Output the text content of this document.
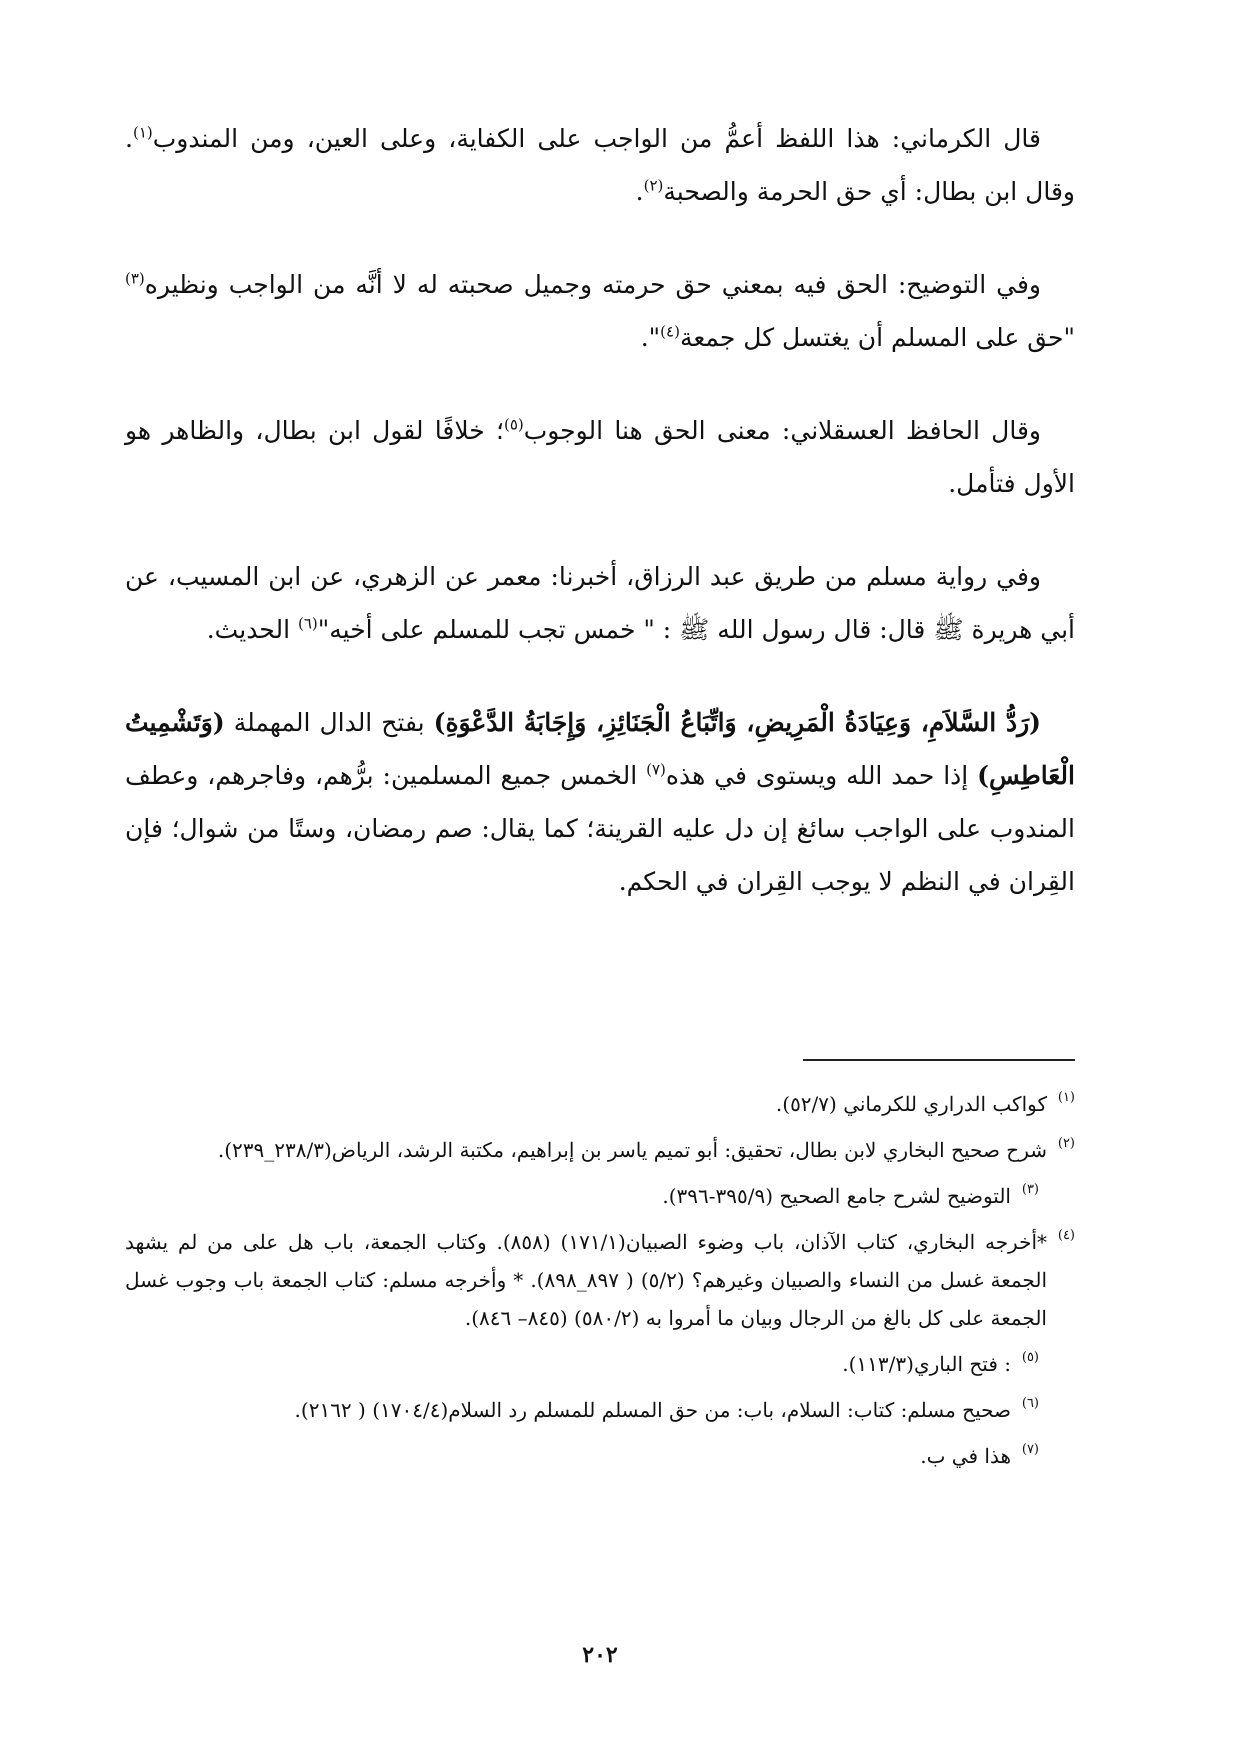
قال الكرماني: هذا اللفظ أعمُّ من الواجب على الكفاية، وعلى العين، ومن المندوب$^{(١)}$. وقال ابن بطال: أي حق الحرمة والصحبة$^{(٢)}$.

وفي التوضيح: الحق فيه بمعني حق حرمته وجميل صحبته له لا أنَّه من الواجب ونظيره$^{(٣)}$ "حق على المسلم أن يغتسل كل جمعة$^{(٤)}$".

وقال الحافظ العسقلاني: معنى الحق هنا الوجوب$^{(٥)}$؛ خلافًا لقول ابن بطال، والظاهر هو الأول فتأمل.

وفي رواية مسلم من طريق عبد الرزاق، أخبرنا: معمر عن الزهري، عن ابن المسيب، عن أبي هريرة ﷺ قال: قال رسول الله ﷺ : " خمس تجب للمسلم على أخيه"$^{(٦)}$ الحديث.

(رَدُّ السَّلاَمِ، وَعِيَادَةُ الْمَرِيضِ، وَاتِّبَاعُ الْجَنَائِزِ، وَإِجَابَةُ الدَّعْوَةِ) بفتح الدال المهملة (وَتَشْمِيتُ الْعَاطِسِ) إذا حمد الله ويستوى في هذه$^{(٧)}$ الخمس جميع المسلمين: برُّهم، وفاجرهم، وعطف المندوب على الواجب سائغ إن دل عليه القرينة؛ كما يقال: صم رمضان، وستًا من شوال؛ فإن القِران في النظم لا يوجب القِران في الحكم.

(١)
كواكب الدراري للكرماني (٥٢/٧).

(٢)
شرح صحيح البخاري لابن بطال، تحقيق: أبو تميم ياسر بن إبراهيم، مكتبة الرشد، الرياض(٢٣٨/٣_٢٣٩).

(٣)
التوضيح لشرح جامع الصحيح (٣٩٥/٩-٣٩٦).

(٤)
*أخرجه البخاري، كتاب الآذان، باب وضوء الصبيان(١٧١/١) (٨٥٨). وكتاب الجمعة، باب هل على من لم يشهد الجمعة غسل من النساء والصبيان وغيرهم؟ (٥/٢) ( ٨٩٧_٨٩٨). * وأخرجه مسلم: كتاب الجمعة باب وجوب غسل الجمعة على كل بالغ من الرجال وبيان ما أمروا به (٥٨٠/٢) (٨٤٥– ٨٤٦).

(٥)
: فتح الباري(١١٣/٣).

(٦)
صحيح مسلم: كتاب: السلام، باب: من حق المسلم للمسلم رد السلام(١٧٠٤/٤) ( ٢١٦٢).

(٧)
هذا في ب.

٢٠٢
